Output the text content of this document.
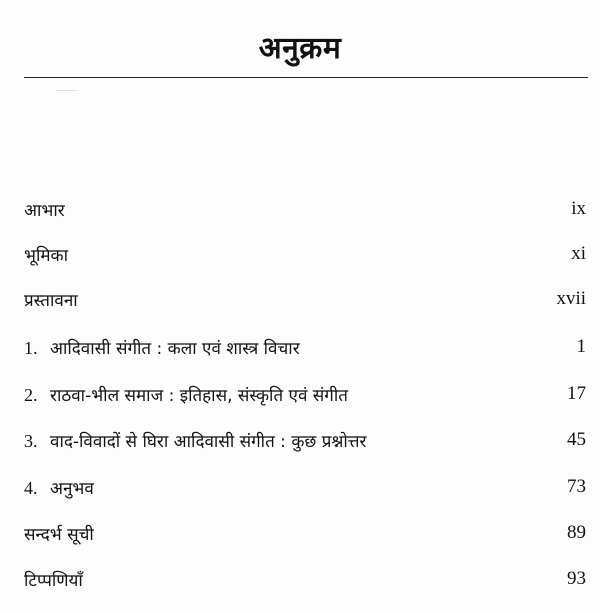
अनुक्रम
आभार	ix
भूमिका	xi
प्रस्तावना	xvii
1. आदिवासी संगीत : कला एवं शास्त्र विचार	1
2. राठवा-भील समाज : इतिहास, संस्कृति एवं संगीत	17
3. वाद-विवादों से घिरा आदिवासी संगीत : कुछ प्रश्नोत्तर	45
4. अनुभव	73
सन्दर्भ सूची	89
टिप्पणियाँ	93
